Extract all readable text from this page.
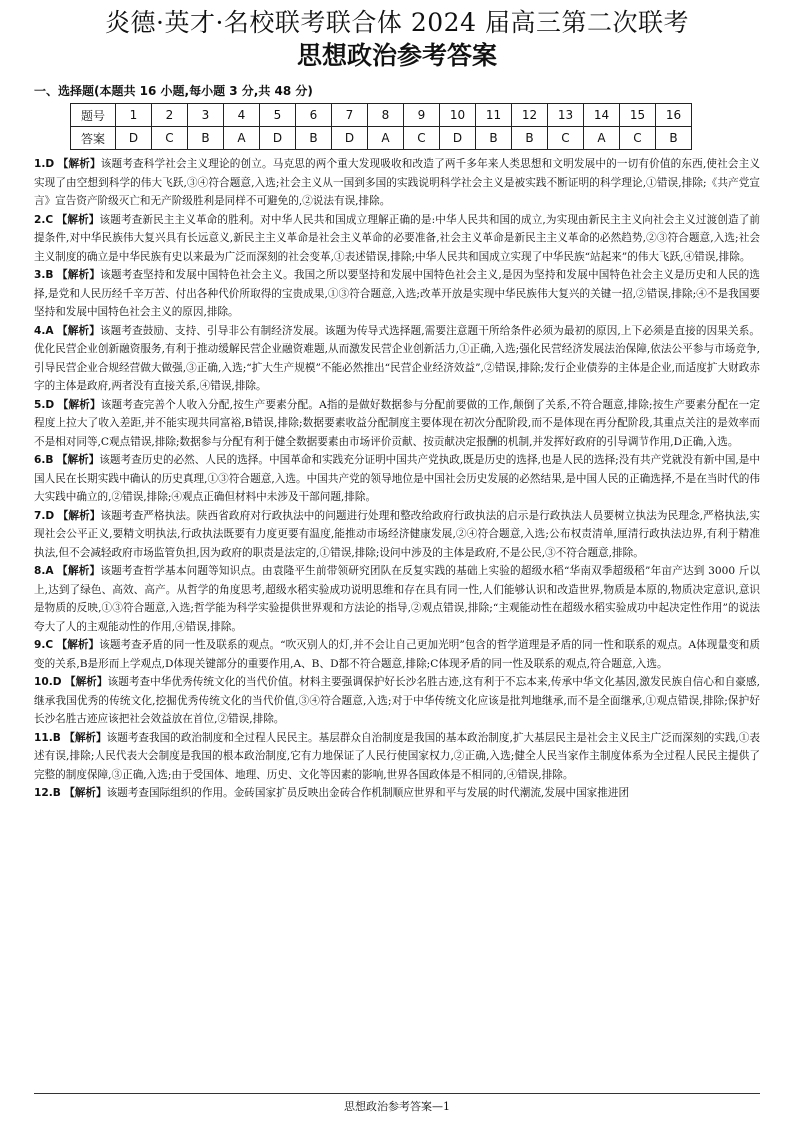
炎德·英才·名校联考联合体 2024 届高三第二次联考
思想政治参考答案

一、选择题(本题共 16 小题,每小题 3 分,共 48 分)

题号	1	2	3	4	5	6	7	8	9	10	11	12	13	14	15	16
答案	D	C	B	A	D	B	D	A	C	D	B	B	C	A	C	B

1.D 【解析】该题考查科学社会主义理论的创立。马克思的两个重大发现吸收和改造了两千多年来人类思想和文明发展中的一切有价值的东西,使社会主义实现了由空想到科学的伟大飞跃,③④符合题意,入选;社会主义从一国到多国的实践说明科学社会主义是被实践不断证明的科学理论,①错误,排除;《共产党宣言》宣告资产阶级灭亡和无产阶级胜利是同样不可避免的,②说法有误,排除。

2.C 【解析】该题考查新民主主义革命的胜利。对中华人民共和国成立理解正确的是:中华人民共和国的成立,为实现由新民主主义向社会主义过渡创造了前提条件,对中华民族伟大复兴具有长远意义,新民主主义革命是社会主义革命的必要准备,社会主义革命是新民主主义革命的必然趋势,②③符合题意,入选;社会主义制度的确立是中华民族有史以来最为广泛而深刻的社会变革,①表述错误,排除;中华人民共和国成立实现了中华民族“站起来”的伟大飞跃,④错误,排除。

3.B 【解析】该题考查坚持和发展中国特色社会主义。我国之所以要坚持和发展中国特色社会主义,是因为坚持和发展中国特色社会主义是历史和人民的选择,是党和人民历经千辛万苦、付出各种代价所取得的宝贵成果,①③符合题意,入选;改革开放是实现中华民族伟大复兴的关键一招,②错误,排除;④不是我国要坚持和发展中国特色社会主义的原因,排除。

4.A 【解析】该题考查鼓励、支持、引导非公有制经济发展。该题为传导式选择题,需要注意题干所给条件必须为最初的原因,上下必须是直接的因果关系。优化民营企业创新融资服务,有利于推动缓解民营企业融资难题,从而激发民营企业创新活力,①正确,入选;强化民营经济发展法治保障,依法公平参与市场竞争,引导民营企业合规经营做大做强,③正确,入选;“扩大生产规模”不能必然推出“民营企业经济效益”,②错误,排除;发行企业债券的主体是企业,而适度扩大财政赤字的主体是政府,两者没有直接关系,④错误,排除。

5.D 【解析】该题考查完善个人收入分配,按生产要素分配。A指的是做好数据参与分配前要做的工作,颠倒了关系,不符合题意,排除;按生产要素分配在一定程度上拉大了收入差距,并不能实现共同富裕,B错误,排除;数据要素收益分配制度主要体现在初次分配阶段,而不是体现在再分配阶段,其重点关注的是效率而不是相对同等,C观点错误,排除;数据参与分配有利于健全数据要素由市场评价贡献、按贡献决定报酬的机制,并发挥好政府的引导调节作用,D正确,入选。

6.B 【解析】该题考查历史的必然、人民的选择。中国革命和实践充分证明中国共产党执政,既是历史的选择,也是人民的选择;没有共产党就没有新中国,是中国人民在长期实践中确认的历史真理,①③符合题意,入选。中国共产党的领导地位是中国社会历史发展的必然结果,是中国人民的正确选择,不是在当时代的伟大实践中确立的,②错误,排除;④观点正确但材料中未涉及干部问题,排除。

7.D 【解析】该题考查严格执法。陕西省政府对行政执法中的问题进行处理和整改给政府行政执法的启示是行政执法人员要树立执法为民理念,严格执法,实现社会公平正义,要精文明执法,行政执法既要有力度更要有温度,能推动市场经济健康发展,②④符合题意,入选;公布权责清单,厘清行政执法边界,有利于精准执法,但不会减轻政府市场监管负担,因为政府的职责是法定的,①错误,排除;设问中涉及的主体是政府,不是公民,③不符合题意,排除。

8.A 【解析】该题考查哲学基本问题等知识点。由袁隆平生前带领研究团队在反复实践的基础上实验的超级水稻“华南双季超级稻”年亩产达到 3000 斤以上,达到了绿色、高效、高产。从哲学的角度思考,超级水稻实验成功说明思维和存在具有同一性,人们能够认识和改造世界,物质是本原的,物质决定意识,意识是物质的反映,①③符合题意,入选;哲学能为科学实验提供世界观和方法论的指导,②观点错误,排除;“主观能动性在超级水稻实验成功中起决定性作用”的说法夸大了人的主观能动性的作用,④错误,排除。

9.C 【解析】该题考查矛盾的同一性及联系的观点。“吹灭别人的灯,并不会让自己更加光明”包含的哲学道理是矛盾的同一性和联系的观点。A体现量变和质变的关系,B是形而上学观点,D体现关键部分的重要作用,A、B、D都不符合题意,排除;C体现矛盾的同一性及联系的观点,符合题意,入选。

10.D 【解析】该题考查中华优秀传统文化的当代价值。材料主要强调保护好长沙名胜古迹,这有利于不忘本来,传承中华文化基因,激发民族自信心和自豪感,继承我国优秀的传统文化,挖掘优秀传统文化的当代价值,③④符合题意,入选;对于中华传统文化应该是批判地继承,而不是全面继承,①观点错误,排除;保护好长沙名胜古迹应该把社会效益放在首位,②错误,排除。

11.B 【解析】该题考查我国的政治制度和全过程人民民主。基层群众自治制度是我国的基本政治制度,扩大基层民主是社会主义民主广泛而深刻的实践,①表述有误,排除;人民代表大会制度是我国的根本政治制度,它有力地保证了人民行使国家权力,②正确,入选;健全人民当家作主制度体系为全过程人民民主提供了完整的制度保障,③正确,入选;由于受国体、地理、历史、文化等因素的影响,世界各国政体是不相同的,④错误,排除。

12.B 【解析】该题考查国际组织的作用。金砖国家扩员反映出金砖合作机制顺应世界和平与发展的时代潮流,发展中国家推进团

思想政治参考答案—1
